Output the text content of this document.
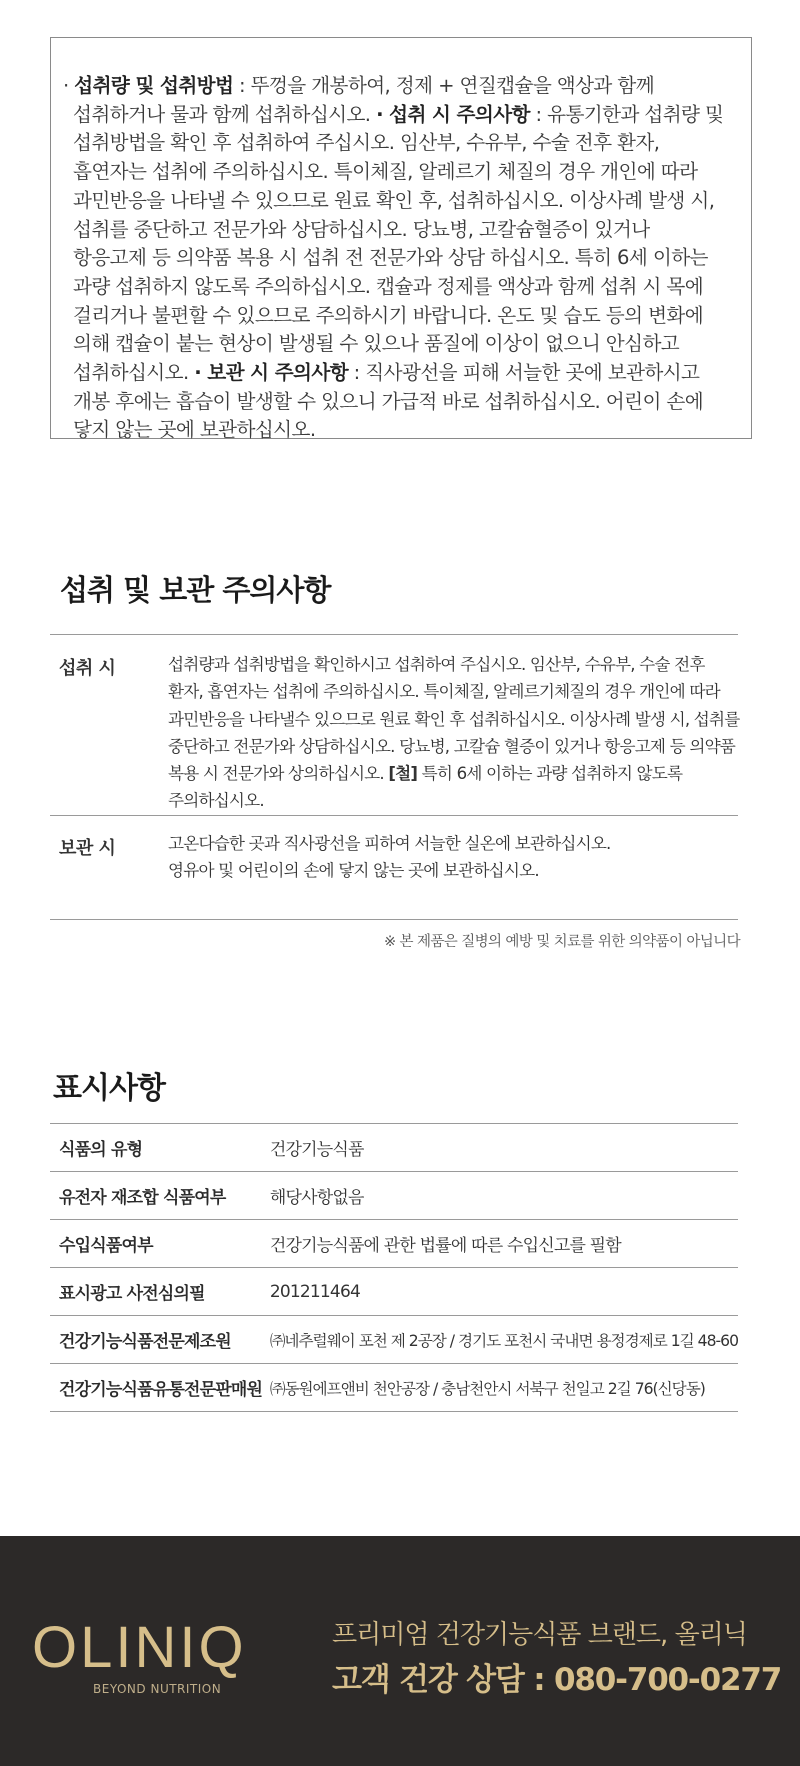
· 섭취량 및 섭취방법 : 뚜껑을 개봉하여, 정제 + 연질캡슐을 액상과 함께 섭취하거나 물과 함께 섭취하십시오. · 섭취 시 주의사항 : 유통기한과 섭취량 및 섭취방법을 확인 후 섭취하여 주십시오. 임산부, 수유부, 수술 전후 환자, 흡연자는 섭취에 주의하십시오. 특이체질, 알레르기 체질의 경우 개인에 따라 과민반응을 나타낼 수 있으므로 원료 확인 후, 섭취하십시오. 이상사례 발생 시, 섭취를 중단하고 전문가와 상담하십시오. 당뇨병, 고칼슘혈증이 있거나 항응고제 등 의약품 복용 시 섭취 전 전문가와 상담 하십시오. 특히 6세 이하는 과량 섭취하지 않도록 주의하십시오. 캡슐과 정제를 액상과 함께 섭취 시 목에 걸리거나 불편할 수 있으므로 주의하시기 바랍니다. 온도 및 습도 등의 변화에 의해 캡슐이 붙는 현상이 발생될 수 있으나 품질에 이상이 없으니 안심하고 섭취하십시오. · 보관 시 주의사항 : 직사광선을 피해 서늘한 곳에 보관하시고 개봉 후에는 흡습이 발생할 수 있으니 가급적 바로 섭취하십시오. 어린이 손에 닿지 않는 곳에 보관하십시오.

섭취 및 보관 주의사항
섭취 시	섭취량과 섭취방법을 확인하시고 섭취하여 주십시오. 임산부, 수유부, 수술 전후 환자, 흡연자는 섭취에 주의하십시오. 특이체질, 알레르기체질의 경우 개인에 따라 과민반응을 나타낼수 있으므로 원료 확인 후 섭취하십시오. 이상사례 발생 시, 섭취를 중단하고 전문가와 상담하십시오. 당뇨병, 고칼슘 혈증이 있거나 항응고제 등 의약품 복용 시 전문가와 상의하십시오. [철] 특히 6세 이하는 과량 섭취하지 않도록 주의하십시오.

보관 시	고온다습한 곳과 직사광선을 피하여 서늘한 실온에 보관하십시오.
영유아 및 어린이의 손에 닿지 않는 곳에 보관하십시오.
※ 본 제품은 질병의 예방 및 치료를 위한 의약품이 아닙니다
표시사항
식품의 유형	건강기능식품
유전자 재조합 식품여부	해당사항없음
수입식품여부	건강기능식품에 관한 법률에 따른 수입신고를 필함
표시광고 사전심의필	201211464
건강기능식품전문제조원	㈜네추럴웨이 포천 제 2공장 / 경기도 포천시 국내면 용정경제로 1길 48-60
건강기능식품유통전문판매원	㈜동원에프앤비 천안공장 / 충남천안시 서북구 천일고 2길 76(신당동)
OLINIQ
BEYOND NUTRITION
프리미엄 건강기능식품 브랜드, 올리닉
고객 건강 상담 : 080-700-0277
